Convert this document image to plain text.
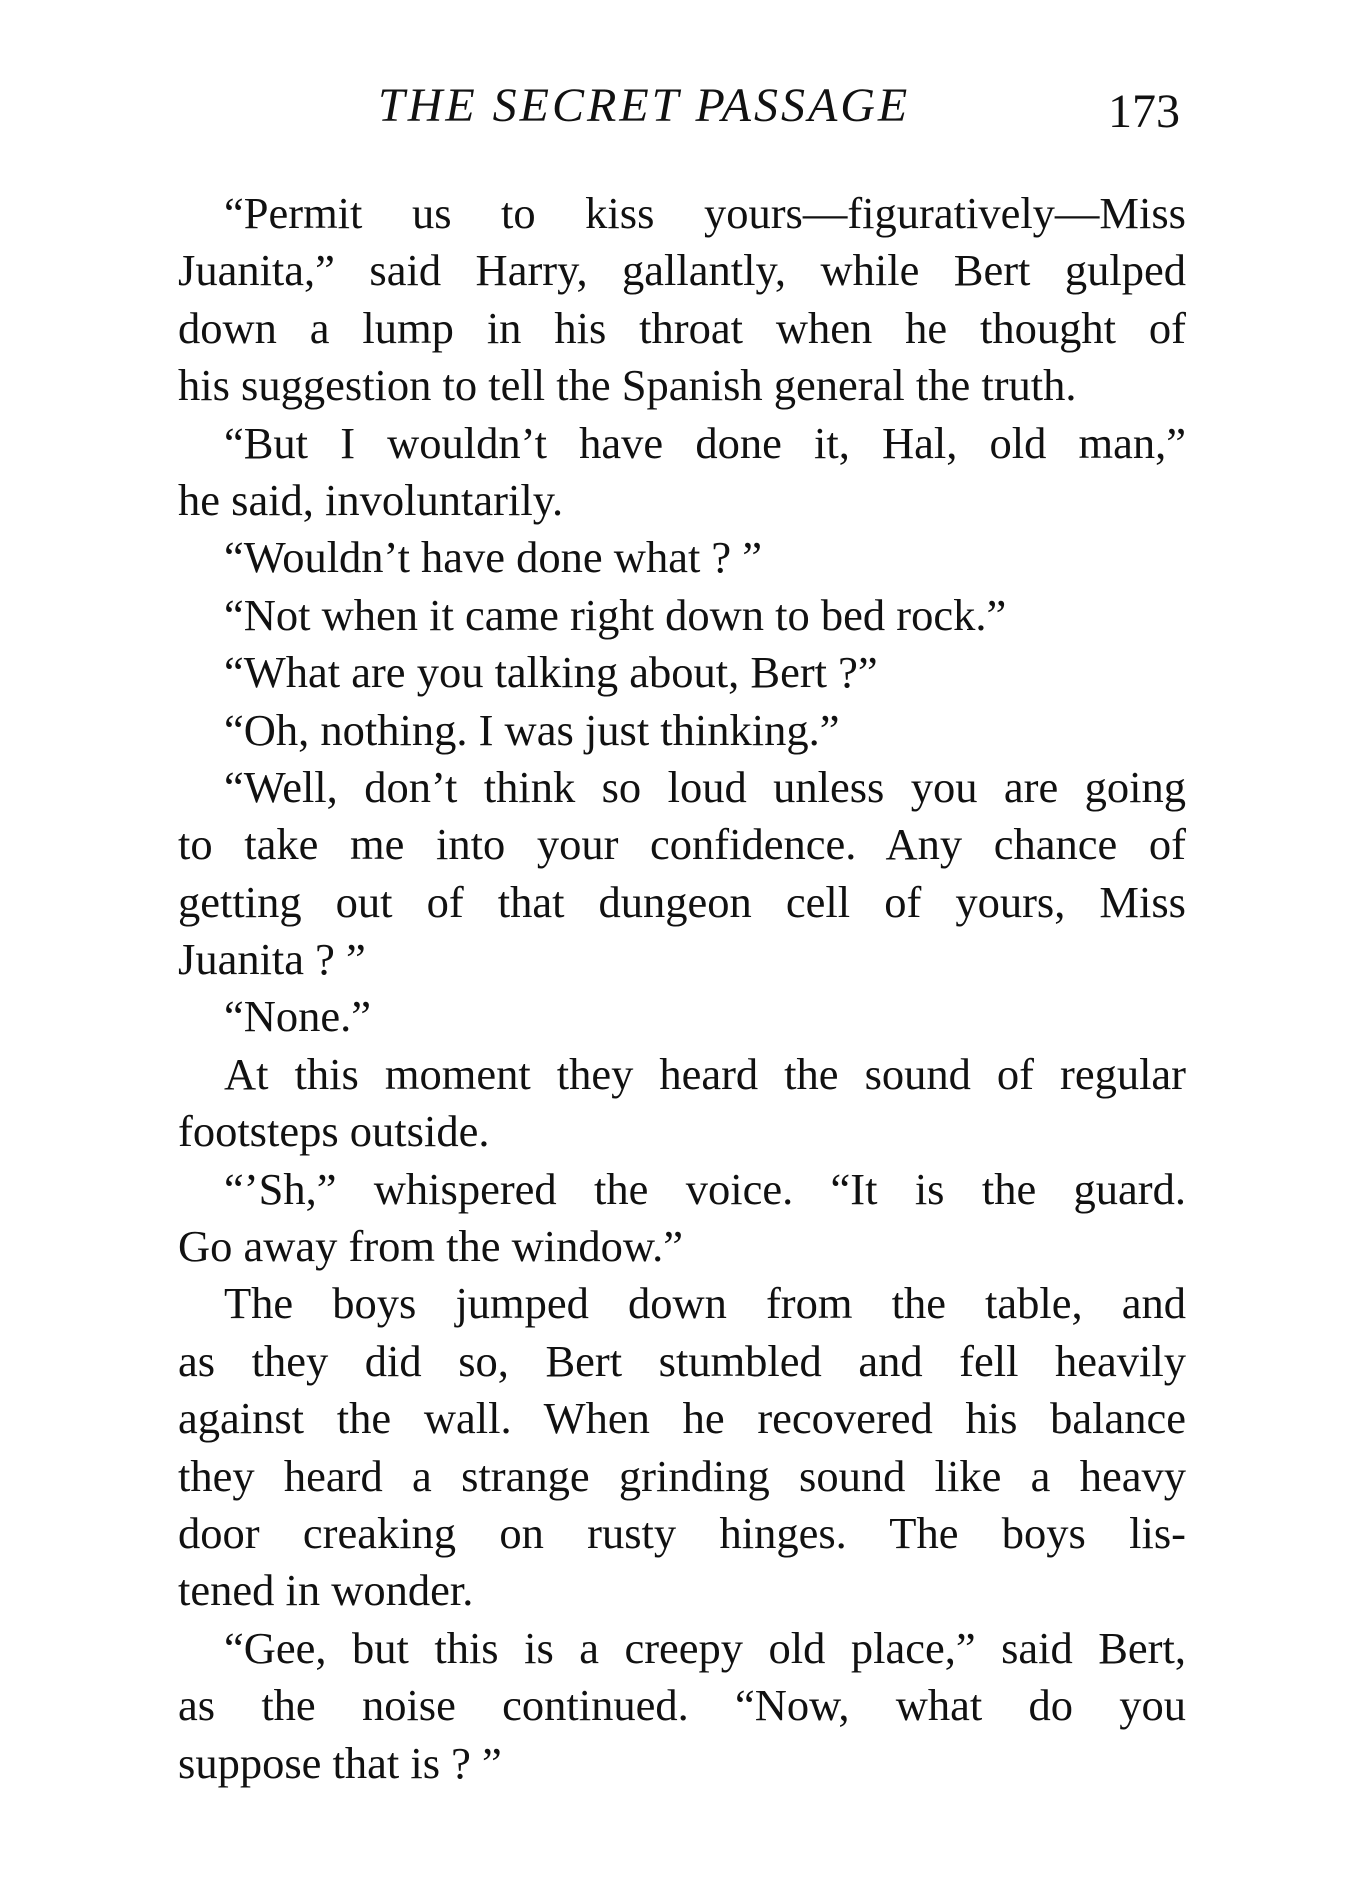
THE SECRET PASSAGE	173
“Permit us to kiss yours—figuratively—Miss
Juanita,” said Harry, gallantly, while Bert gulped
down a lump in his throat when he thought of
his suggestion to tell the Spanish general the truth.
“But I wouldn’t have done it, Hal, old man,”
he said, involuntarily.
“Wouldn’t have done what ? ”
“Not when it came right down to bed rock.”
“What are you talking about, Bert ?”
“Oh, nothing. I was just thinking.”
“Well, don’t think so loud unless you are going
to take me into your confidence. Any chance of
getting out of that dungeon cell of yours, Miss
Juanita ? ”
“None.”
At this moment they heard the sound of regular
footsteps outside.
“’Sh,” whispered the voice. “It is the guard.
Go away from the window.”
The boys jumped down from the table, and
as they did so, Bert stumbled and fell heavily
against the wall. When he recovered his balance
they heard a strange grinding sound like a heavy
door creaking on rusty hinges. The boys lis-
tened in wonder.
“Gee, but this is a creepy old place,” said Bert,
as the noise continued. “Now, what do you
suppose that is ? ”
